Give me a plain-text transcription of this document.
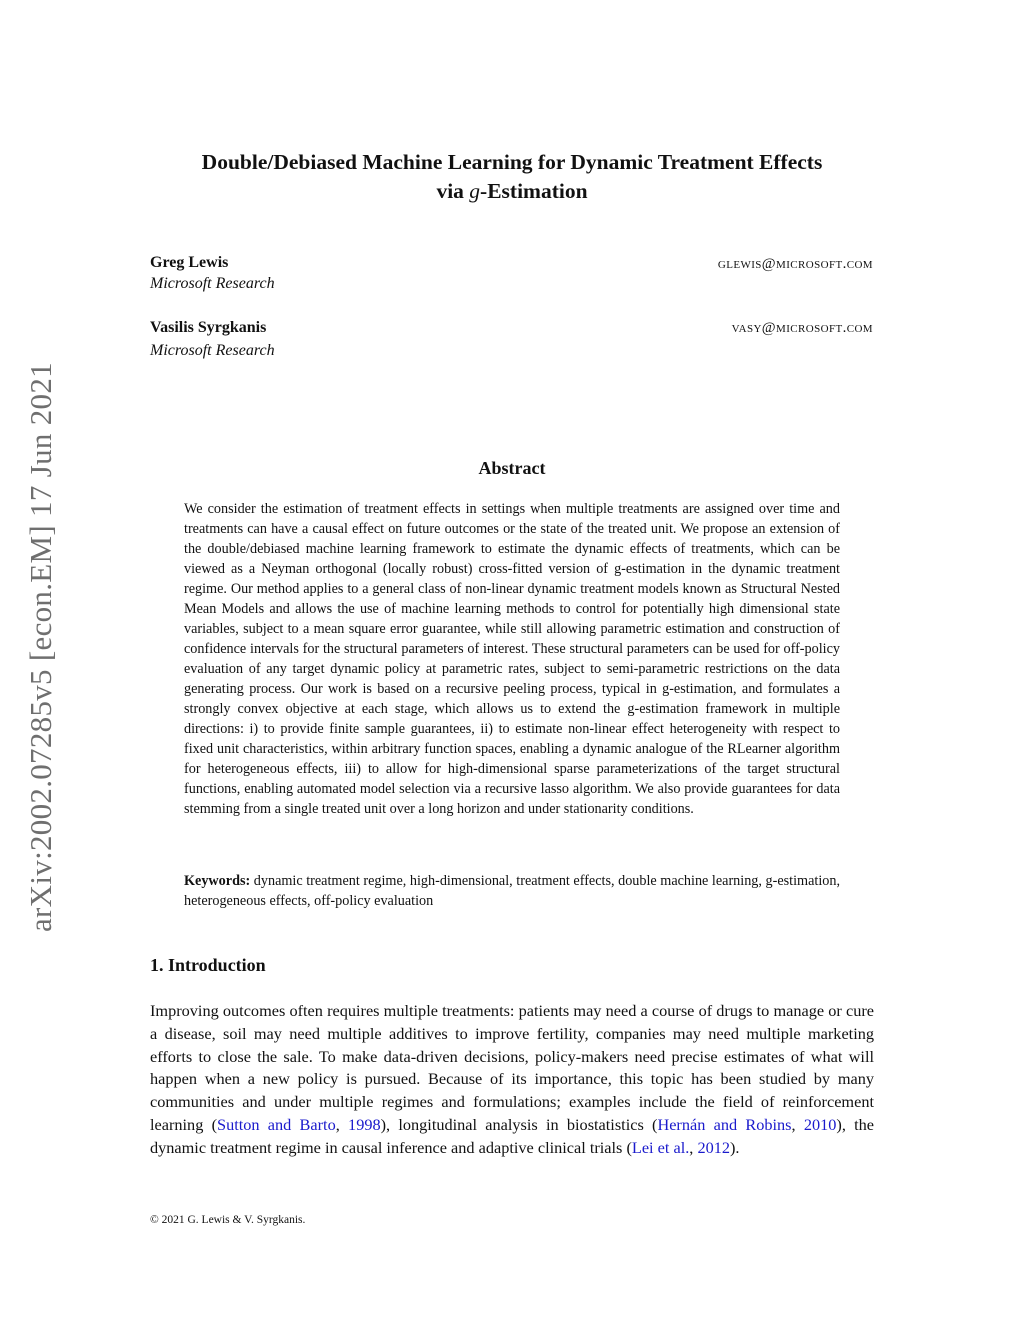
arXiv:2002.07285v5 [econ.EM] 17 Jun 2021
Double/Debiased Machine Learning for Dynamic Treatment Effects
via g-Estimation
Greg Lewis
Microsoft Research
glewis@microsoft.com
Vasilis Syrgkanis
Microsoft Research
vasy@microsoft.com
Abstract
We consider the estimation of treatment effects in settings when multiple treatments are assigned over time and treatments can have a causal effect on future outcomes or the state of the treated unit. We propose an extension of the double/debiased machine learning framework to estimate the dynamic effects of treatments, which can be viewed as a Neyman orthogonal (locally robust) cross-fitted version of g-estimation in the dynamic treatment regime. Our method applies to a general class of non-linear dynamic treatment models known as Structural Nested Mean Models and allows the use of machine learning methods to control for potentially high dimensional state variables, subject to a mean square error guarantee, while still allowing parametric estimation and construction of confidence intervals for the structural parameters of interest. These structural parameters can be used for off-policy evaluation of any target dynamic policy at parametric rates, subject to semi-parametric restrictions on the data generating process. Our work is based on a recursive peeling process, typical in g-estimation, and formulates a strongly convex objective at each stage, which allows us to extend the g-estimation framework in multiple directions: i) to provide finite sample guarantees, ii) to estimate non-linear effect heterogeneity with respect to fixed unit characteristics, within arbitrary function spaces, enabling a dynamic analogue of the RLearner algorithm for heterogeneous effects, iii) to allow for high-dimensional sparse parameterizations of the target structural functions, enabling automated model selection via a recursive lasso algorithm. We also provide guarantees for data stemming from a single treated unit over a long horizon and under stationarity conditions.
Keywords: dynamic treatment regime, high-dimensional, treatment effects, double machine learning, g-estimation, heterogeneous effects, off-policy evaluation
1. Introduction
Improving outcomes often requires multiple treatments: patients may need a course of drugs to manage or cure a disease, soil may need multiple additives to improve fertility, companies may need multiple marketing efforts to close the sale. To make data-driven decisions, policy-makers need precise estimates of what will happen when a new policy is pursued. Because of its importance, this topic has been studied by many communities and under multiple regimes and formulations; examples include the field of reinforcement learning (Sutton and Barto, 1998), longitudinal analysis in biostatistics (Hernán and Robins, 2010), the dynamic treatment regime in causal inference and adaptive clinical trials (Lei et al., 2012).
© 2021 G. Lewis & V. Syrgkanis.
